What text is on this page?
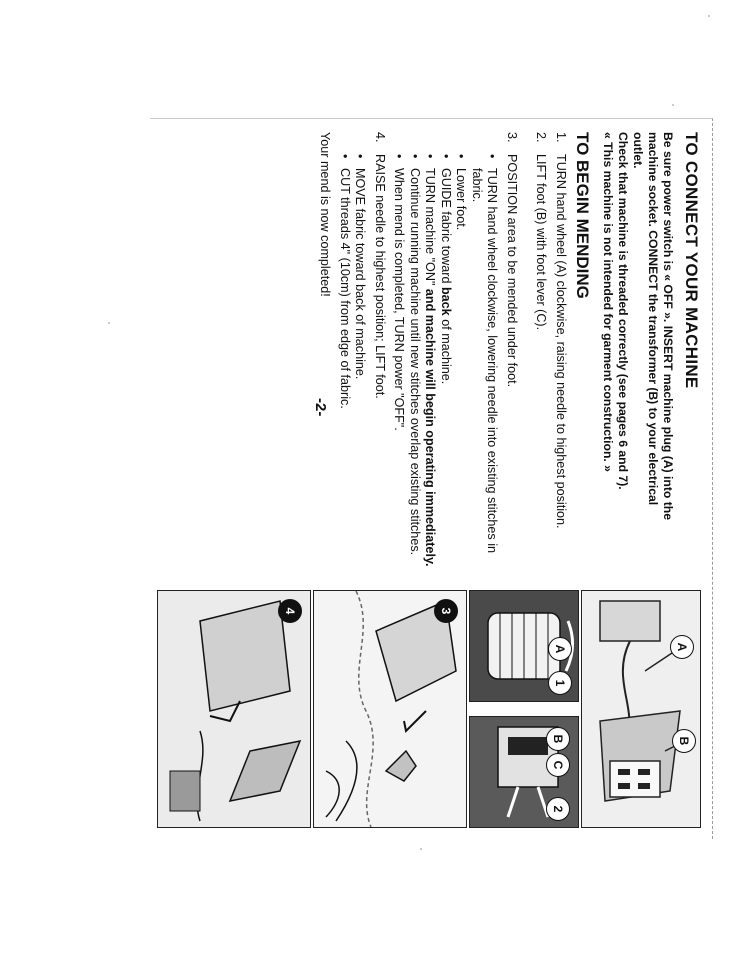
TO CONNECT YOUR MACHINE

Be sure power switch is « OFF ». INSERT machine plug (A) into the

machine socket. CONNECT the transformer (B) to your electrical

outlet.

Check that machine is threaded correctly (see pages 6 and 7).

« This machine is not intended for garment construction. »

TO BEGIN MENDING
1.
TURN hand wheel (A) clockwise, raising needle to highest position.
2.
LIFT foot (B) with foot lever (C).
3.
POSITION area to be mended under foot.
• TURN hand wheel clockwise, lowering needle into existing stitches in fabric.
• Lower foot.
• GUIDE fabric toward back of machine.
• TURN machine "ON" and machine will begin operating immediately.
• Continue running machine until new stitches overlap existing stitches.
• When mend is completed, TURN power "OFF".
4.
RAISE needle to highest position; LIFT foot.
• MOVE fabric toward back of machine.
• CUT threads 4" (10cm) from edge of fabric.
Your mend is now completed!
-2-
A
B
A
1
B
C
2
3
4
